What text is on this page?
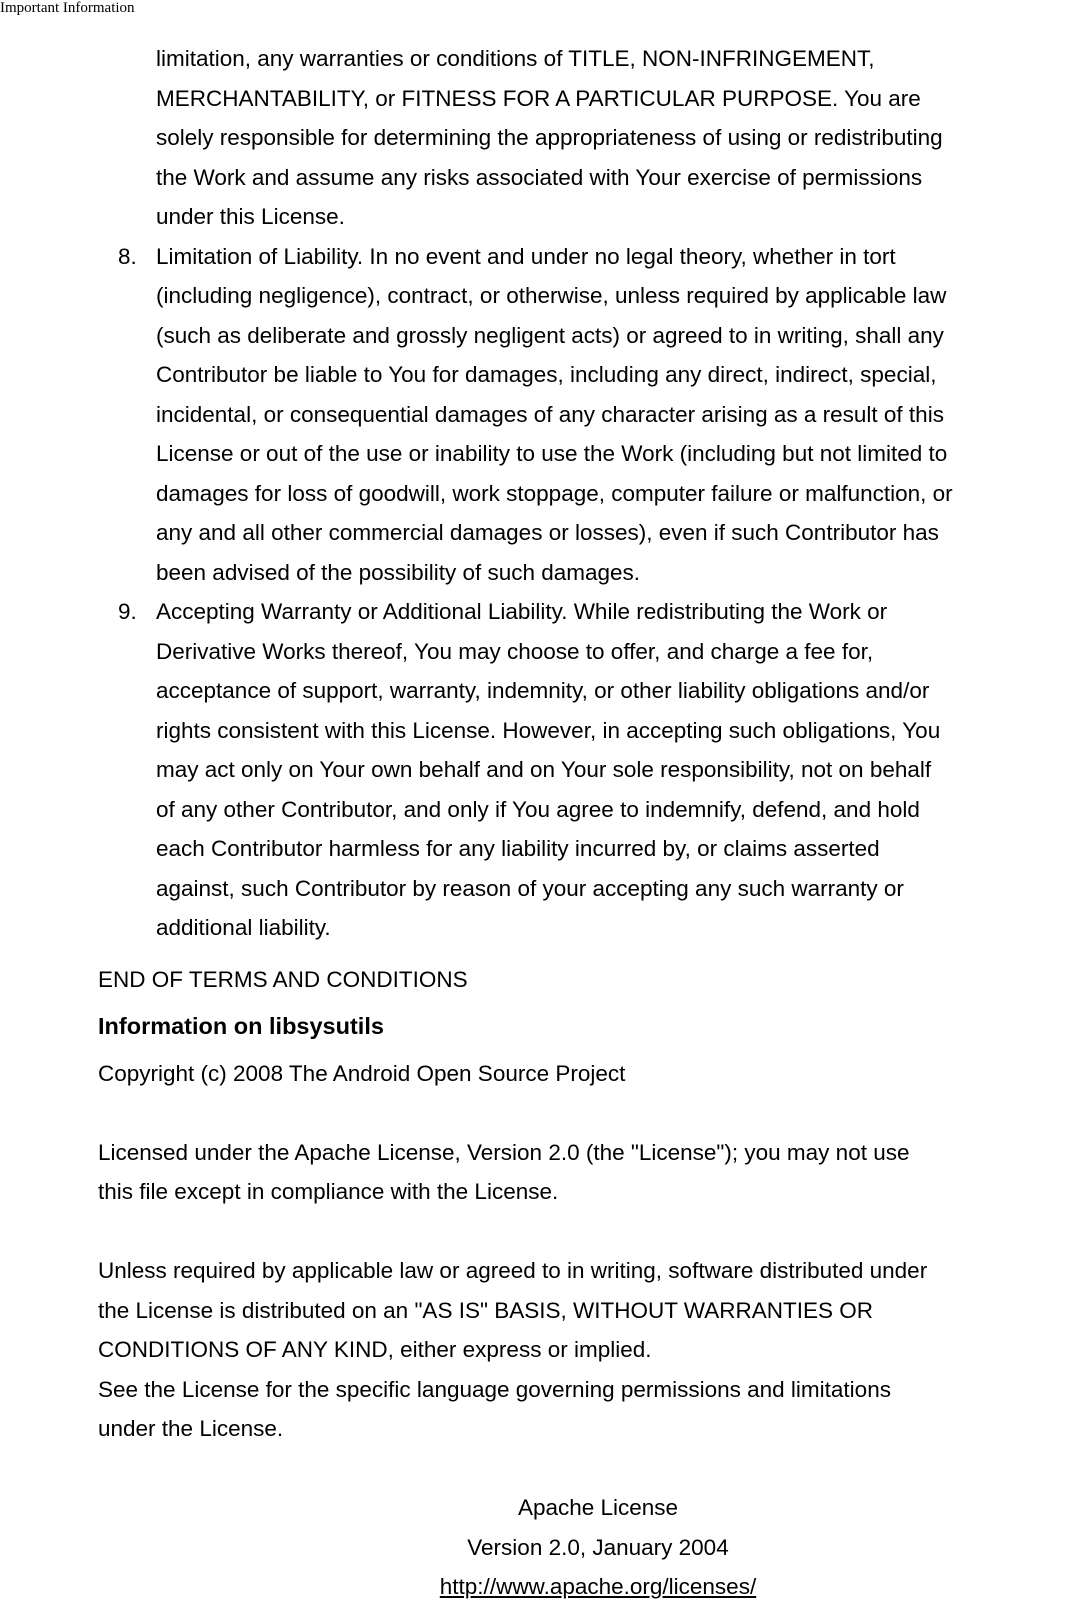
Important Information
limitation, any warranties or conditions of TITLE, NON-INFRINGEMENT,
MERCHANTABILITY, or FITNESS FOR A PARTICULAR PURPOSE. You are
solely responsible for determining the appropriateness of using or redistributing
the Work and assume any risks associated with Your exercise of permissions
under this License.
8. Limitation of Liability. In no event and under no legal theory, whether in tort
(including negligence), contract, or otherwise, unless required by applicable law
(such as deliberate and grossly negligent acts) or agreed to in writing, shall any
Contributor be liable to You for damages, including any direct, indirect, special,
incidental, or consequential damages of any character arising as a result of this
License or out of the use or inability to use the Work (including but not limited to
damages for loss of goodwill, work stoppage, computer failure or malfunction, or
any and all other commercial damages or losses), even if such Contributor has
been advised of the possibility of such damages.
9. Accepting Warranty or Additional Liability. While redistributing the Work or
Derivative Works thereof, You may choose to offer, and charge a fee for,
acceptance of support, warranty, indemnity, or other liability obligations and/or
rights consistent with this License. However, in accepting such obligations, You
may act only on Your own behalf and on Your sole responsibility, not on behalf
of any other Contributor, and only if You agree to indemnify, defend, and hold
each Contributor harmless for any liability incurred by, or claims asserted
against, such Contributor by reason of your accepting any such warranty or
additional liability.
END OF TERMS AND CONDITIONS
Information on libsysutils
Copyright (c) 2008 The Android Open Source Project
Licensed under the Apache License, Version 2.0 (the "License"); you may not use
this file except in compliance with the License.
Unless required by applicable law or agreed to in writing, software distributed under
the License is distributed on an "AS IS" BASIS, WITHOUT WARRANTIES OR
CONDITIONS OF ANY KIND, either express or implied.
See the License for the specific language governing permissions and limitations
under the License.
Apache License
Version 2.0, January 2004
http://www.apache.org/licenses/
